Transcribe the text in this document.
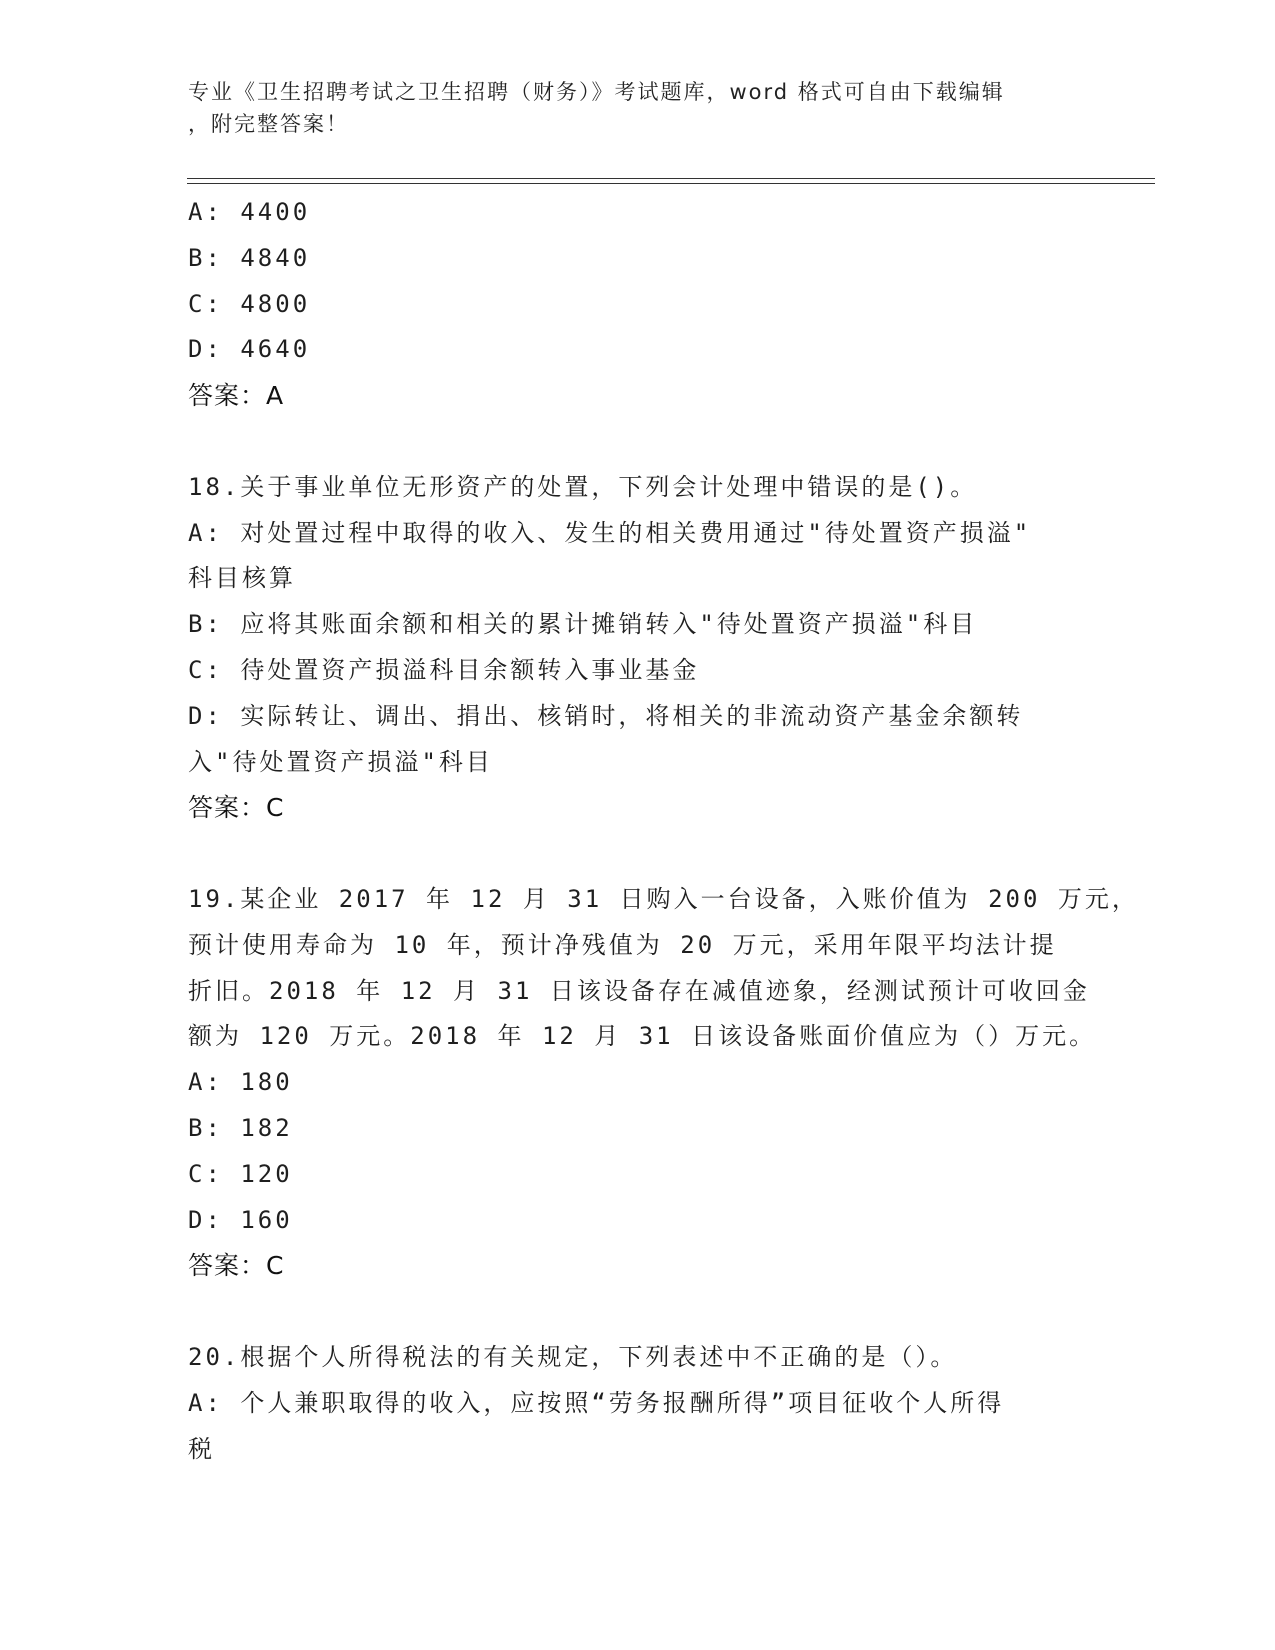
专业《卫生招聘考试之卫生招聘（财务）》考试题库，word 格式可自由下载编辑
，附完整答案！
A: 4400
B: 4840
C: 4800
D: 4640
答案：A
18.关于事业单位无形资产的处置，下列会计处理中错误的是()。
A: 对处置过程中取得的收入、发生的相关费用通过"待处置资产损溢"
科目核算
B: 应将其账面余额和相关的累计摊销转入"待处置资产损溢"科目
C: 待处置资产损溢科目余额转入事业基金
D: 实际转让、调出、捐出、核销时，将相关的非流动资产基金余额转
入"待处置资产损溢"科目
答案：C
19.某企业 2017 年 12 月 31 日购入一台设备，入账价值为 200 万元，
预计使用寿命为 10 年，预计净残值为 20 万元，采用年限平均法计提
折旧。2018 年 12 月 31 日该设备存在减值迹象，经测试预计可收回金
额为 120 万元。2018 年 12 月 31 日该设备账面价值应为（）万元。
A: 180
B: 182
C: 120
D: 160
答案：C
20.根据个人所得税法的有关规定，下列表述中不正确的是（）。
A: 个人兼职取得的收入，应按照“劳务报酬所得”项目征收个人所得
税
